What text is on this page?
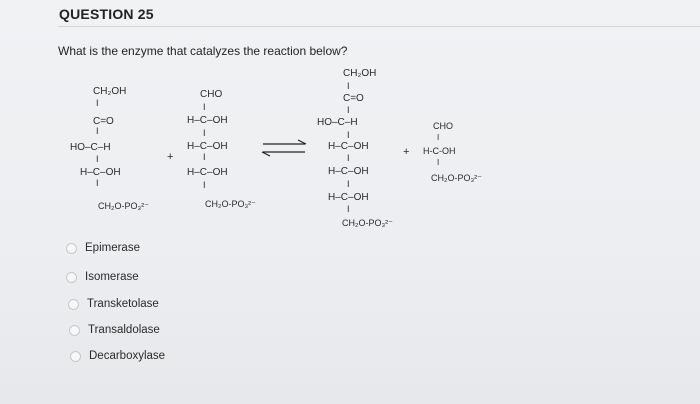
QUESTION 25
What is the enzyme that catalyzes the reaction below?
CH₂OH
I
C=O
I
HO–C–H
I
H–C–OH
I
CH₂O-PO₃²⁻
+
CHO
I
H–C–OH
I
H–C–OH
I
H–C–OH
I
CH₂O-PO₃²⁻
CH₂OH
I
C=O
I
HO–C–H
I
H–C–OH
I
H–C–OH
I
H–C–OH
I
CH₂O-PO₃²⁻
+
CHO
I
H-C-OH
I
CH₂O-PO₃²⁻
Epimerase
Isomerase
Transketolase
Transaldolase
Decarboxylase
